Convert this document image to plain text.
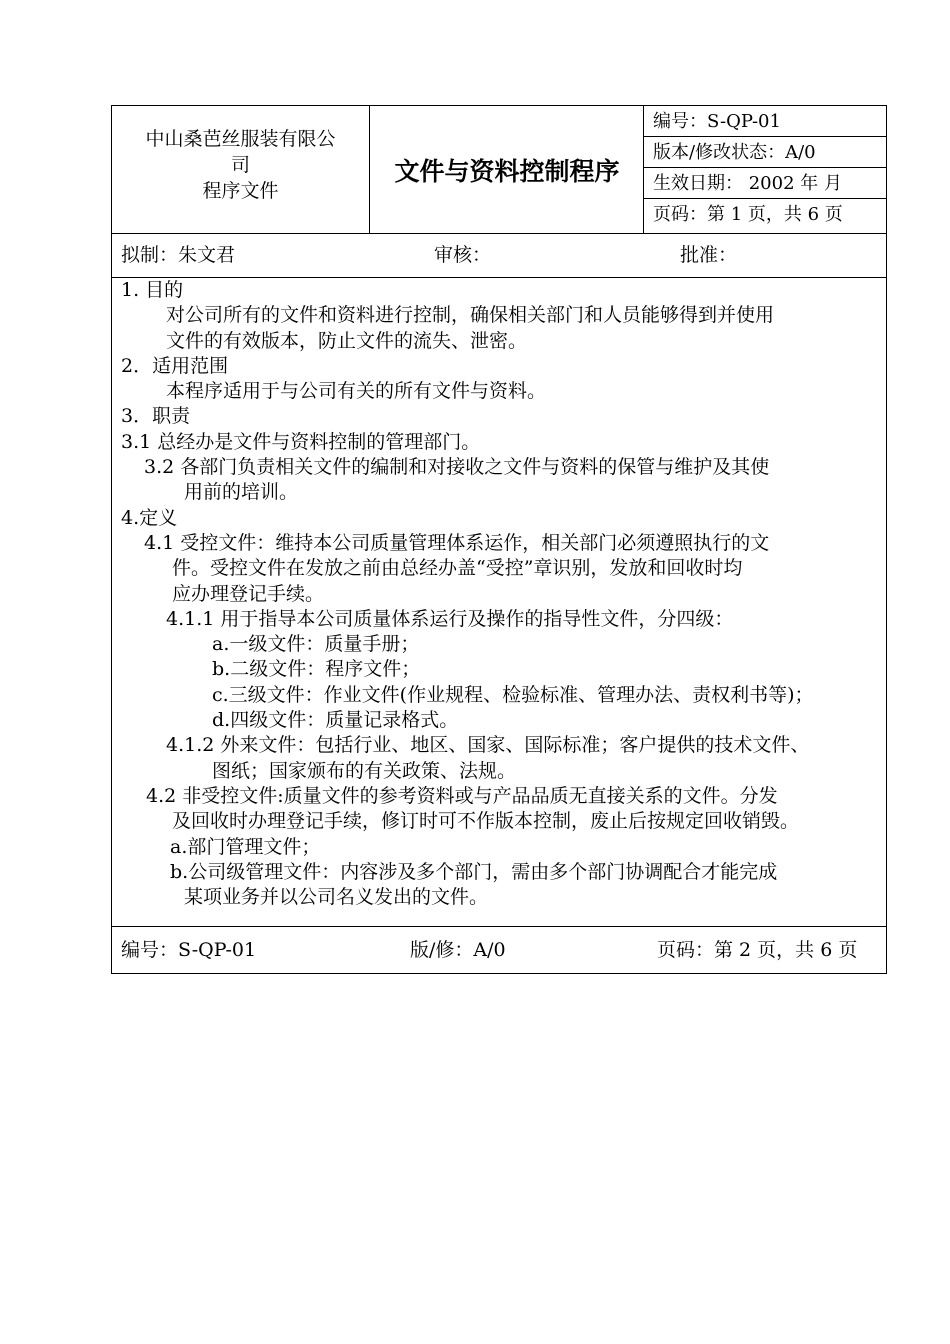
中山桑芭丝服装有限公
司
程序文件
文件与资料控制程序
编号：S-QP-01
版本/修改状态：A/0
生效日期： 2002 年 月
页码：第 1 页，共 6 页
拟制：朱文君	审核：	批准：

1. 目的

对公司所有的文件和资料进行控制，确保相关部门和人员能够得到并使用

文件的有效版本，防止文件的流失、泄密。

2．适用范围

本程序适用于与公司有关的所有文件与资料。

3．职责

3.1 总经办是文件与资料控制的管理部门。

3.2 各部门负责相关文件的编制和对接收之文件与资料的保管与维护及其使

用前的培训。

4.定义

4.1 受控文件：维持本公司质量管理体系运作，相关部门必须遵照执行的文

件。受控文件在发放之前由总经办盖“受控”章识别，发放和回收时均

应办理登记手续。

4.1.1 用于指导本公司质量体系运行及操作的指导性文件，分四级：

a.一级文件：质量手册；

b.二级文件：程序文件；

c.三级文件：作业文件(作业规程、检验标准、管理办法、责权利书等)；

d.四级文件：质量记录格式。

4.1.2 外来文件：包括行业、地区、国家、国际标准；客户提供的技术文件、

图纸；国家颁布的有关政策、法规。

4.2 非受控文件:质量文件的参考资料或与产品品质无直接关系的文件。分发

及回收时办理登记手续，修订时可不作版本控制，废止后按规定回收销毁。

a.部门管理文件；

b.公司级管理文件：内容涉及多个部门，需由多个部门协调配合才能完成

某项业务并以公司名义发出的文件。

编号：S-QP-01	版/修：A/0	页码：第 2 页，共 6 页
